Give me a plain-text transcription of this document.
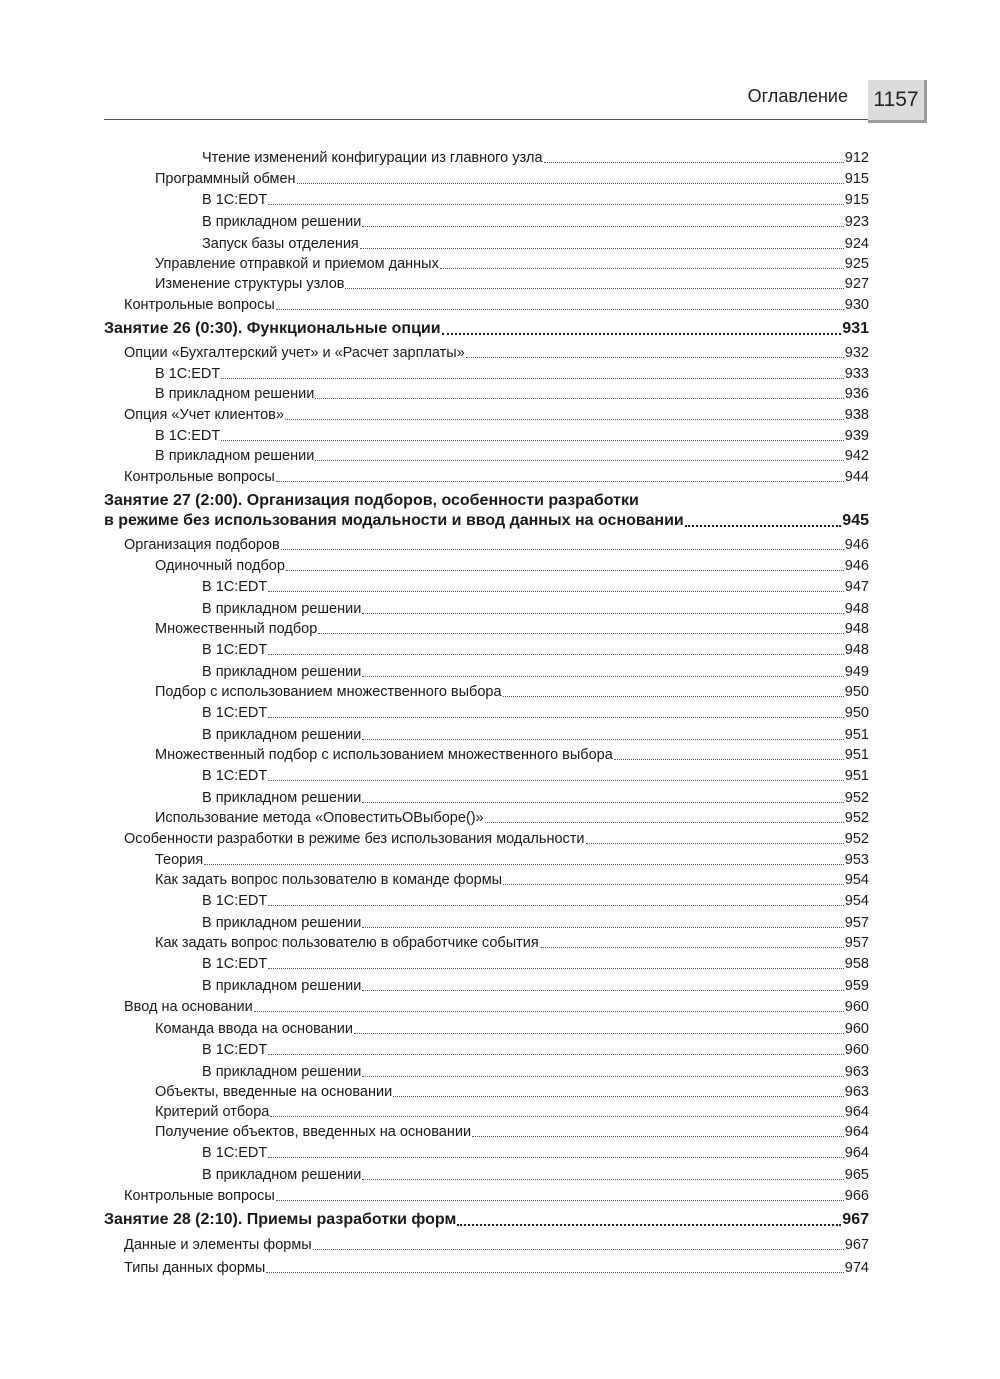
Оглавление 1157
Чтение изменений конфигурации из главного узла	912
Программный обмен	915
В 1С:EDT	915
В прикладном решении	923
Запуск базы отделения	924
Управление отправкой и приемом данных	925
Изменение структуры узлов	927
Контрольные вопросы	930
Занятие 26 (0:30). Функциональные опции	931
Опции «Бухгалтерский учет» и «Расчет зарплаты»	932
В 1С:EDT	933
В прикладном решении	936
Опция «Учет клиентов»	938
В 1С:EDT	939
В прикладном решении	942
Контрольные вопросы	944
Занятие 27 (2:00). Организация подборов, особенности разработки
в режиме без использования модальности и ввод данных на основании	945
Организация подборов	946
Одиночный подбор	946
В 1С:EDT	947
В прикладном решении	948
Множественный подбор	948
В 1С:EDT	948
В прикладном решении	949
Подбор с использованием множественного выбора	950
В 1С:EDT	950
В прикладном решении	951
Множественный подбор с использованием множественного выбора	951
В 1С:EDT	951
В прикладном решении	952
Использование метода «ОповеститьОВыборе()»	952
Особенности разработки в режиме без использования модальности	952
Теория	953
Как задать вопрос пользователю в команде формы	954
В 1С:EDT	954
В прикладном решении	957
Как задать вопрос пользователю в обработчике события	957
В 1С:EDT	958
В прикладном решении	959
Ввод на основании	960
Команда ввода на основании	960
В 1С:EDT	960
В прикладном решении	963
Объекты, введенные на основании	963
Критерий отбора	964
Получение объектов, введенных на основании	964
В 1С:EDT	964
В прикладном решении	965
Контрольные вопросы	966
Занятие 28 (2:10). Приемы разработки форм	967
Данные и элементы формы	967
Типы данных формы	974
